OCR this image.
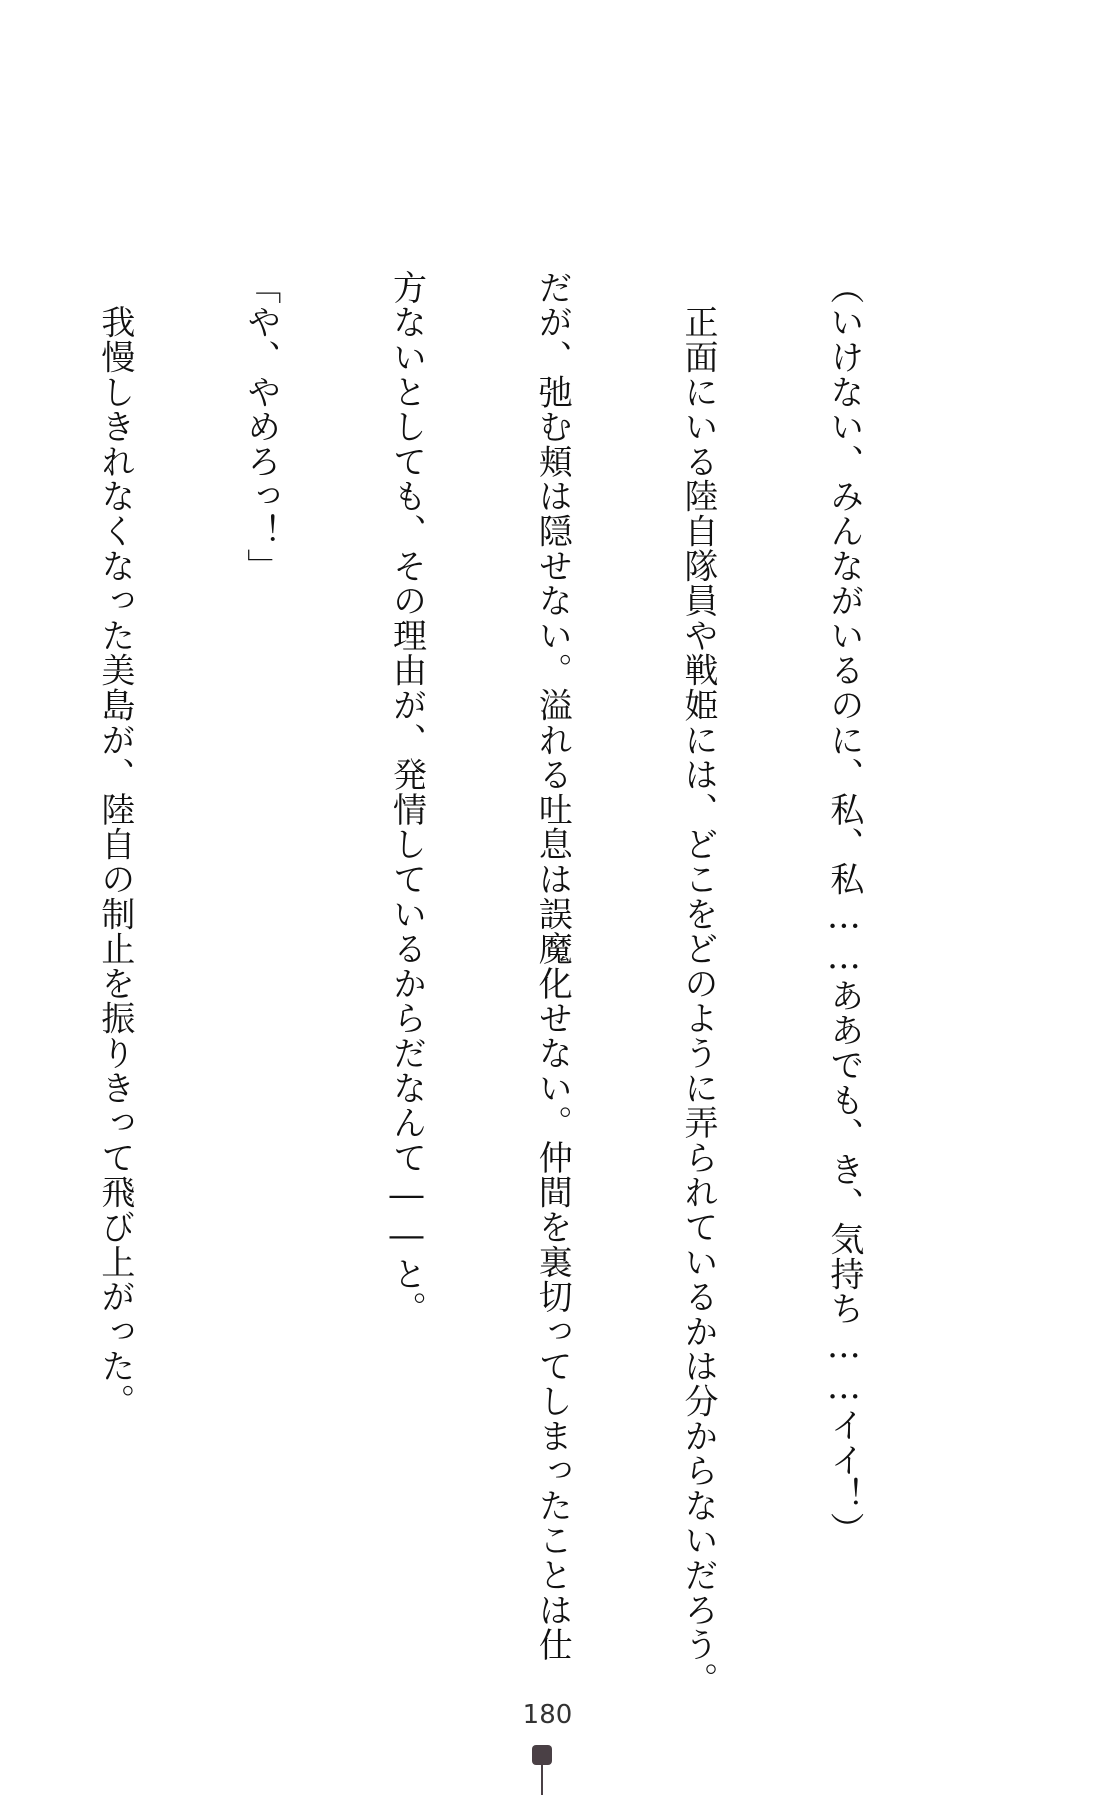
（いけない、みんながいるのに、私、私……ああでも、き、気持ち……イイ！）

　正面にいる陸自隊員や戦姫には、どこをどのように弄られているかは分からないだろう。

だが、弛む頬は隠せない。溢れる吐息は誤魔化せない。仲間を裏切ってしまったことは仕

方ないとしても、その理由が、発情しているからだなんて――と。

「や、やめろっ！」

　我慢しきれなくなった美島が、陸自の制止を振りきって飛び上がった。

180
